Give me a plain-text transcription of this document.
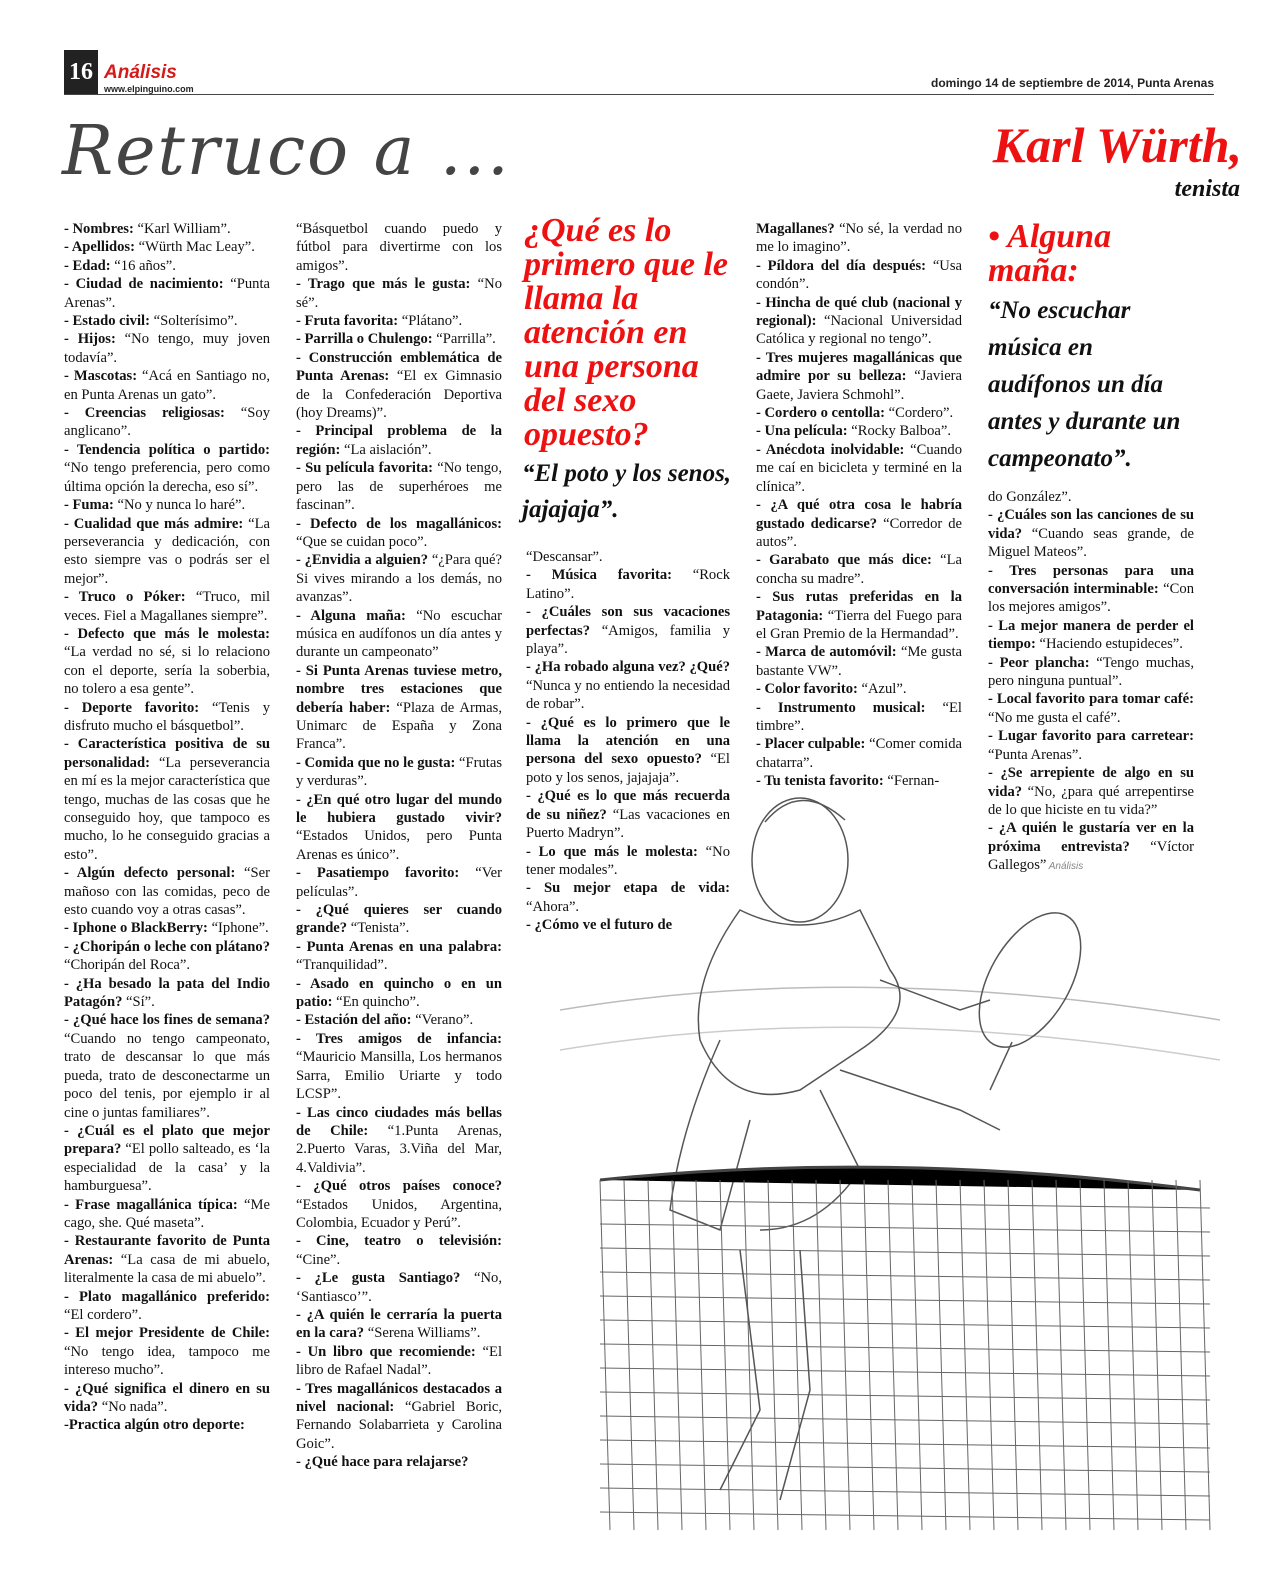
16 Análisis
www.elpinguino.com	domingo 14 de septiembre de 2014, Punta Arenas
Retruco a ...	Karl Würth,
tenista

- Nombres: “Karl William”.

- Apellidos: “Würth Mac Leay”.

- Edad: “16 años”.

- Ciudad de nacimiento: “Punta Arenas”.

- Estado civil: “Solterísimo”.

- Hijos: “No tengo, muy joven todavía”.

- Mascotas: “Acá en Santiago no, en Punta Arenas un gato”.

- Creencias religiosas: “Soy anglicano”.

- Tendencia política o partido: “No tengo preferencia, pero como última opción la derecha, eso sí”.

- Fuma: “No y nunca lo haré”.

- Cualidad que más admire: “La perseverancia y dedicación, con esto siempre vas o podrás ser el mejor”.

- Truco o Póker: “Truco, mil veces. Fiel a Magallanes siempre”.

- Defecto que más le molesta: “La verdad no sé, si lo relaciono con el deporte, sería la soberbia, no tolero a esa gente”.

- Deporte favorito: “Tenis y disfruto mucho el básquetbol”.

- Característica positiva de su personalidad: “La perseverancia en mí es la mejor característica que tengo, muchas de las cosas que he conseguido hoy, que tampoco es mucho, lo he conseguido gracias a esto”.

- Algún defecto personal: “Ser mañoso con las comidas, peco de esto cuando voy a otras casas”.

- Iphone o BlackBerry: “Iphone”.

- ¿Choripán o leche con plátano? “Choripán del Roca”.

- ¿Ha besado la pata del Indio Patagón? “Sí”.

- ¿Qué hace los fines de semana? “Cuando no tengo campeonato, trato de descansar lo que más pueda, trato de desconectarme un poco del tenis, por ejemplo ir al cine o juntas familiares”.

- ¿Cuál es el plato que mejor prepara? “El pollo salteado, es ‘la especialidad de la casa’ y la hamburguesa”.

- Frase magallánica típica: “Me cago, she. Qué maseta”.

- Restaurante favorito de Punta Arenas: “La casa de mi abuelo, literalmente la casa de mi abuelo”.

- Plato magallánico preferido: “El cordero”.

- El mejor Presidente de Chile: “No tengo idea, tampoco me intereso mucho”.

- ¿Qué significa el dinero en su vida? “No nada”.

-Practica algún otro deporte:

“Básquetbol cuando puedo y fútbol para divertirme con los amigos”.

- Trago que más le gusta: “No sé”.

- Fruta favorita: “Plátano”.

- Parrilla o Chulengo: “Parrilla”.

- Construcción emblemática de Punta Arenas: “El ex Gimnasio de la Confederación Deportiva (hoy Dreams)”.

- Principal problema de la región: “La aislación”.

- Su película favorita: “No tengo, pero las de superhéroes me fascinan”.

- Defecto de los magallánicos: “Que se cuidan poco”.

- ¿Envidia a alguien? “¿Para qué? Si vives mirando a los demás, no avanzas”.

- Alguna maña: “No escuchar música en audífonos un día antes y durante un campeonato”

- Si Punta Arenas tuviese metro, nombre tres estaciones que debería haber: “Plaza de Armas, Unimarc de España y Zona Franca”.

- Comida que no le gusta: “Frutas y verduras”.

- ¿En qué otro lugar del mundo le hubiera gustado vivir? “Estados Unidos, pero Punta Arenas es único”.

- Pasatiempo favorito: “Ver películas”.

- ¿Qué quieres ser cuando grande? “Tenista”.

- Punta Arenas en una palabra: “Tranquilidad”.

- Asado en quincho o en un patio: “En quincho”.

- Estación del año: “Verano”.

- Tres amigos de infancia: “Mauricio Mansilla, Los hermanos Sarra, Emilio Uriarte y todo LCSP”.

- Las cinco ciudades más bellas de Chile: “1.Punta Arenas, 2.Puerto Varas, 3.Viña del Mar, 4.Valdivia”.

- ¿Qué otros países conoce? “Estados Unidos, Argentina, Colombia, Ecuador y Perú”.

- Cine, teatro o televisión: “Cine”.

- ¿Le gusta Santiago? “No, ‘Santiasco’”.

- ¿A quién le cerraría la puerta en la cara? “Serena Williams”.

- Un libro que recomiende: “El libro de Rafael Nadal”.

- Tres magallánicos destacados a nivel nacional: “Gabriel Boric, Fernando Solabarrieta y Carolina Goic”.

- ¿Qué hace para relajarse?

¿Qué es lo primero que le llama la atención en una persona del sexo opuesto?
“El poto y los senos, jajajaja”.

“Descansar”.

- Música favorita: “Rock Latino”.

- ¿Cuáles son sus vacaciones perfectas? “Amigos, familia y playa”.

- ¿Ha robado alguna vez? ¿Qué? “Nunca y no entiendo la necesidad de robar”.

- ¿Qué es lo primero que le llama la atención en una persona del sexo opuesto? “El poto y los senos, jajajaja”.

- ¿Qué es lo que más recuerda de su niñez? “Las vacaciones en Puerto Madryn”.

- Lo que más le molesta: “No tener modales”.

- Su mejor etapa de vida: “Ahora”.

- ¿Cómo ve el futuro de

Magallanes? “No sé, la verdad no me lo imagino”.

- Píldora del día después: “Usa condón”.

- Hincha de qué club (nacional y regional): “Nacional Universidad Católica y regional no tengo”.

- Tres mujeres magallánicas que admire por su belleza: “Javiera Gaete, Javiera Schmohl”.

- Cordero o centolla: “Cordero”.

- Una película: “Rocky Balboa”.

- Anécdota inolvidable: “Cuando me caí en bicicleta y terminé en la clínica”.

- ¿A qué otra cosa le habría gustado dedicarse? “Corredor de autos”.

- Garabato que más dice: “La concha su madre”.

- Sus rutas preferidas en la Patagonia: “Tierra del Fuego para el Gran Premio de la Hermandad”.

- Marca de automóvil: “Me gusta bastante VW”.

- Color favorito: “Azul”.

- Instrumento musical: “El timbre”.

- Placer culpable: “Comer comida chatarra”.

- Tu tenista favorito: “Fernan-

• Alguna maña:
“No escuchar música en audífonos un día antes y durante un campeonato”.

do González”.

- ¿Cuáles son las canciones de su vida? “Cuando seas grande, de Miguel Mateos”.

- Tres personas para una conversación interminable: “Con los mejores amigos”.

- La mejor manera de perder el tiempo: “Haciendo estupideces”.

- Peor plancha: “Tengo muchas, pero ninguna puntual”.

- Local favorito para tomar café: “No me gusta el café”.

- Lugar favorito para carretear: “Punta Arenas”.

- ¿Se arrepiente de algo en su vida? “No, ¿para qué arrepentirse de lo que hiciste en tu vida?”

- ¿A quién le gustaría ver en la próxima entrevista? “Víctor Gallegos” Análisis
